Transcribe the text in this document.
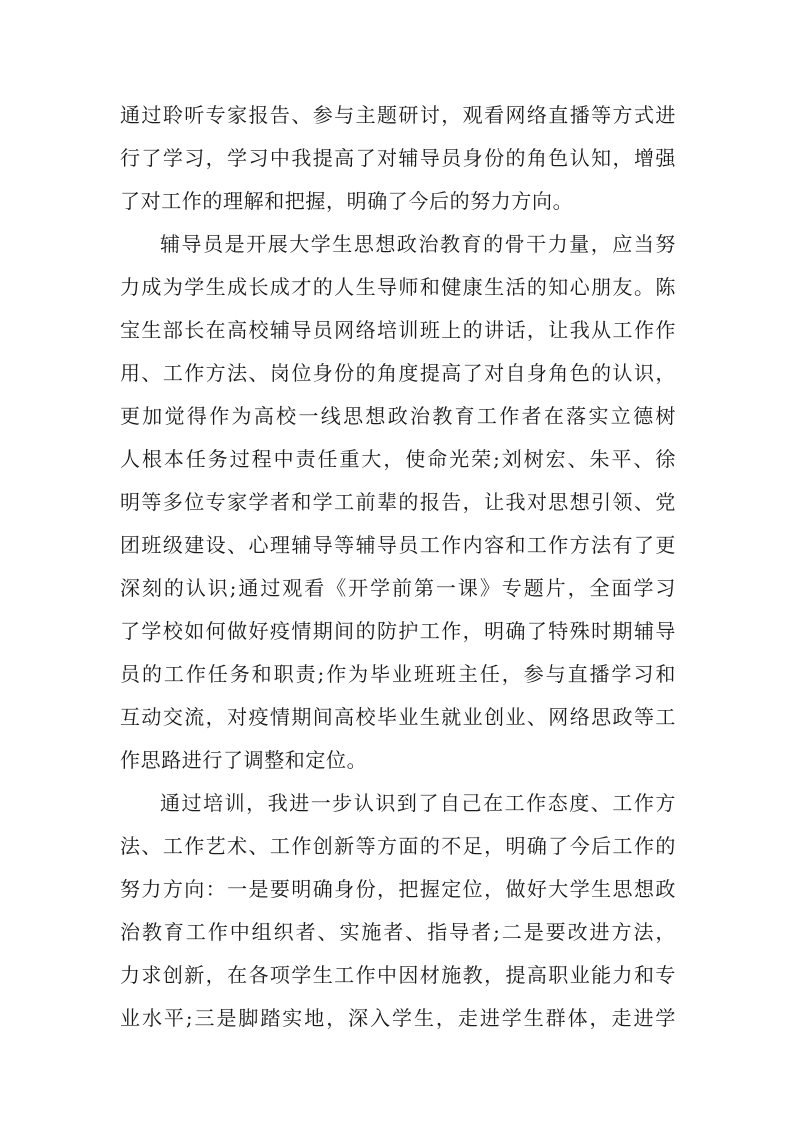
通过聆听专家报告、参与主题研讨，观看网络直播等方式进
行了学习，学习中我提高了对辅导员身份的角色认知，增强
了对工作的理解和把握，明确了今后的努力方向。
辅导员是开展大学生思想政治教育的骨干力量，应当努
力成为学生成长成才的人生导师和健康生活的知心朋友。陈
宝生部长在高校辅导员网络培训班上的讲话，让我从工作作
用、工作方法、岗位身份的角度提高了对自身角色的认识，
更加觉得作为高校一线思想政治教育工作者在落实立德树
人根本任务过程中责任重大，使命光荣;刘树宏、朱平、徐
明等多位专家学者和学工前辈的报告，让我对思想引领、党
团班级建设、心理辅导等辅导员工作内容和工作方法有了更
深刻的认识;通过观看《开学前第一课》专题片，全面学习
了学校如何做好疫情期间的防护工作，明确了特殊时期辅导
员的工作任务和职责;作为毕业班班主任，参与直播学习和
互动交流，对疫情期间高校毕业生就业创业、网络思政等工
作思路进行了调整和定位。
通过培训，我进一步认识到了自己在工作态度、工作方
法、工作艺术、工作创新等方面的不足，明确了今后工作的
努力方向：一是要明确身份，把握定位，做好大学生思想政
治教育工作中组织者、实施者、指导者;二是要改进方法，
力求创新，在各项学生工作中因材施教，提高职业能力和专
业水平;三是脚踏实地，深入学生，走进学生群体，走进学
